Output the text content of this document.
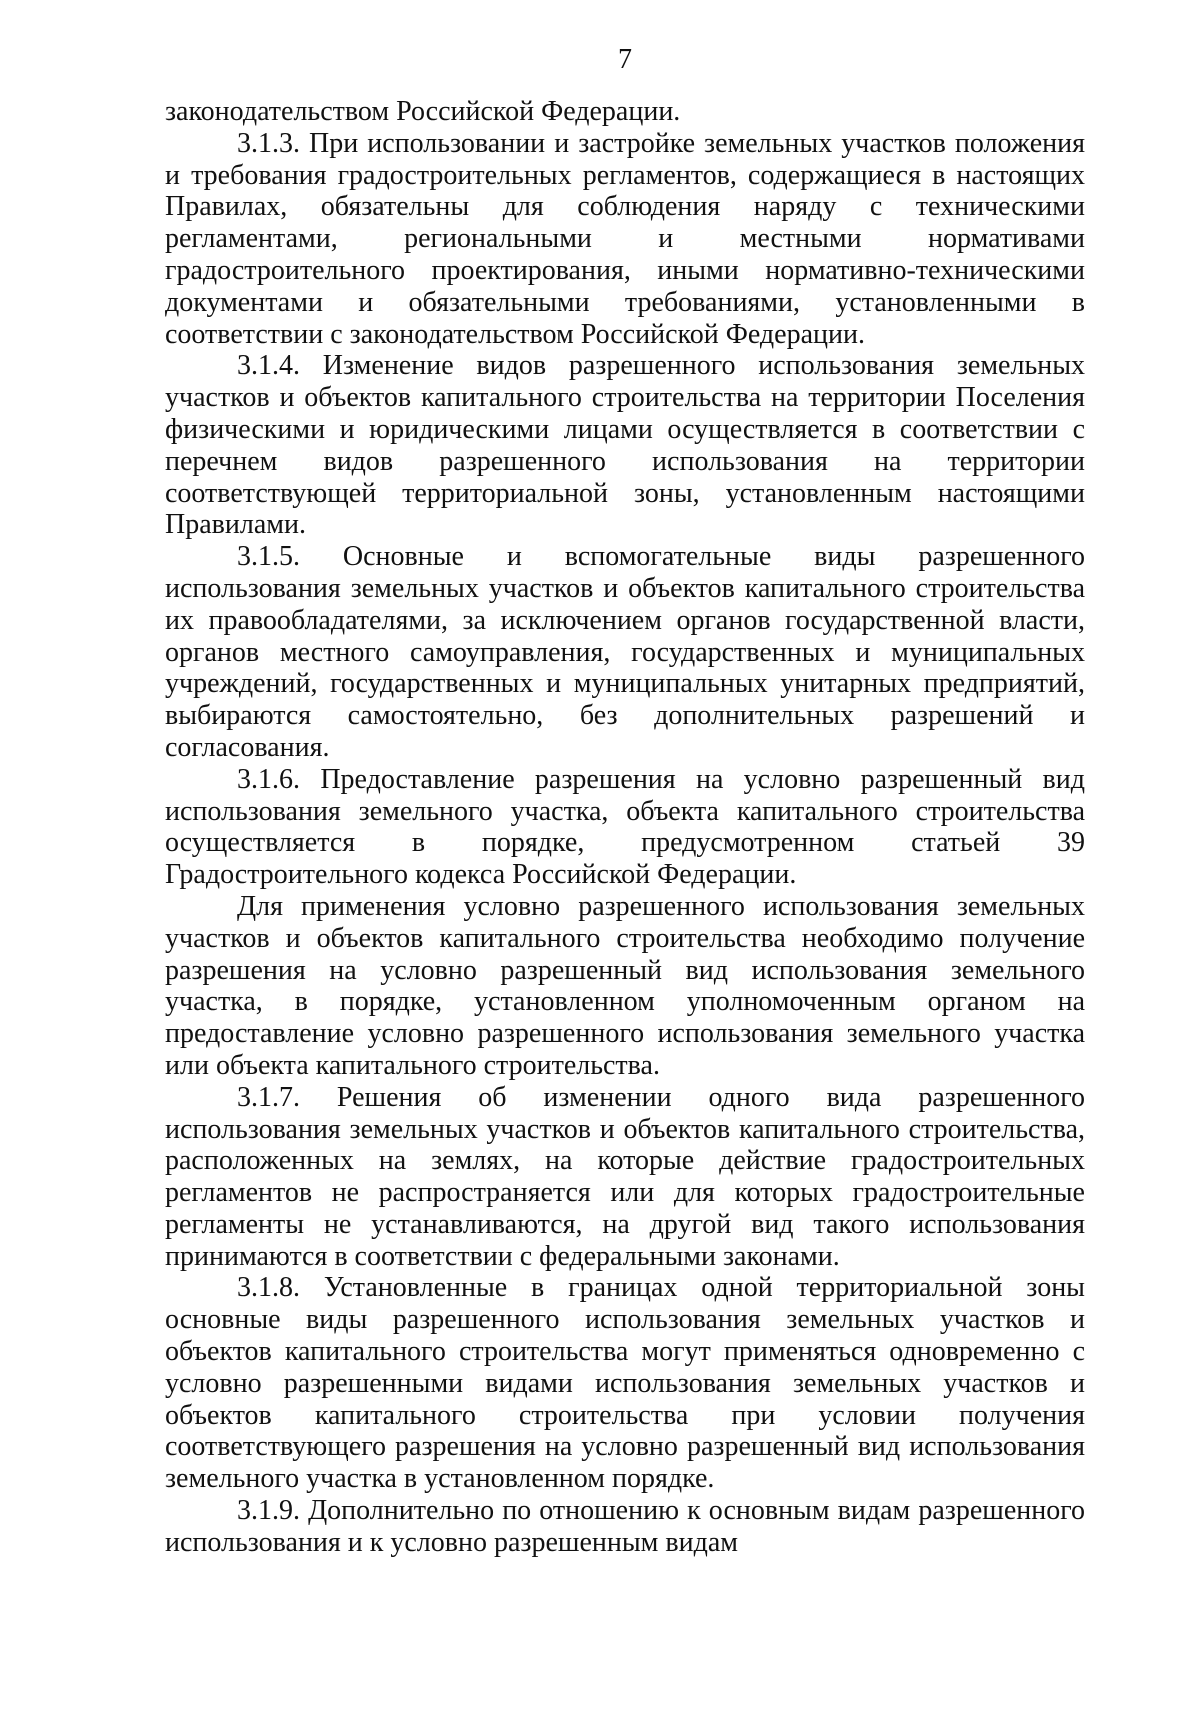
7

законодательством Российской Федерации.

3.1.3. При использовании и застройке земельных участков положения и требования градостроительных регламентов, содержащиеся в настоящих Правилах, обязательны для соблюдения наряду с техническими регламентами, региональными и местными нормативами градостроительного проектирования, иными нормативно-техническими документами и обязательными требованиями, установленными в соответствии с законодательством Российской Федерации.

3.1.4. Изменение видов разрешенного использования земельных участков и объектов капитального строительства на территории Поселения физическими и юридическими лицами осуществляется в соответствии с перечнем видов разрешенного использования на территории соответствующей территориальной зоны, установленным настоящими Правилами.

3.1.5. Основные и вспомогательные виды разрешенного использования земельных участков и объектов капитального строительства их правообладателями, за исключением органов государственной власти, органов местного самоуправления, государственных и муниципальных учреждений, государственных и муниципальных унитарных предприятий, выбираются самостоятельно, без дополнительных разрешений и согласования.

3.1.6. Предоставление разрешения на условно разрешенный вид использования земельного участка, объекта капитального строительства осуществляется в порядке, предусмотренном статьей 39 Градостроительного кодекса Российской Федерации.

Для применения условно разрешенного использования земельных участков и объектов капитального строительства необходимо получение разрешения на условно разрешенный вид использования земельного участка, в порядке, установленном уполномоченным органом на предоставление условно разрешенного использования земельного участка или объекта капитального строительства.

3.1.7. Решения об изменении одного вида разрешенного использования земельных участков и объектов капитального строительства, расположенных на землях, на которые действие градостроительных регламентов не распространяется или для которых градостроительные регламенты не устанавливаются, на другой вид такого использования принимаются в соответствии с федеральными законами.

3.1.8. Установленные в границах одной территориальной зоны основные виды разрешенного использования земельных участков и объектов капитального строительства могут применяться одновременно с условно разрешенными видами использования земельных участков и объектов капитального строительства при условии получения соответствующего разрешения на условно разрешенный вид использования земельного участка в установленном порядке.

3.1.9. Дополнительно по отношению к основным видам разрешенного использования и к условно разрешенным видам
